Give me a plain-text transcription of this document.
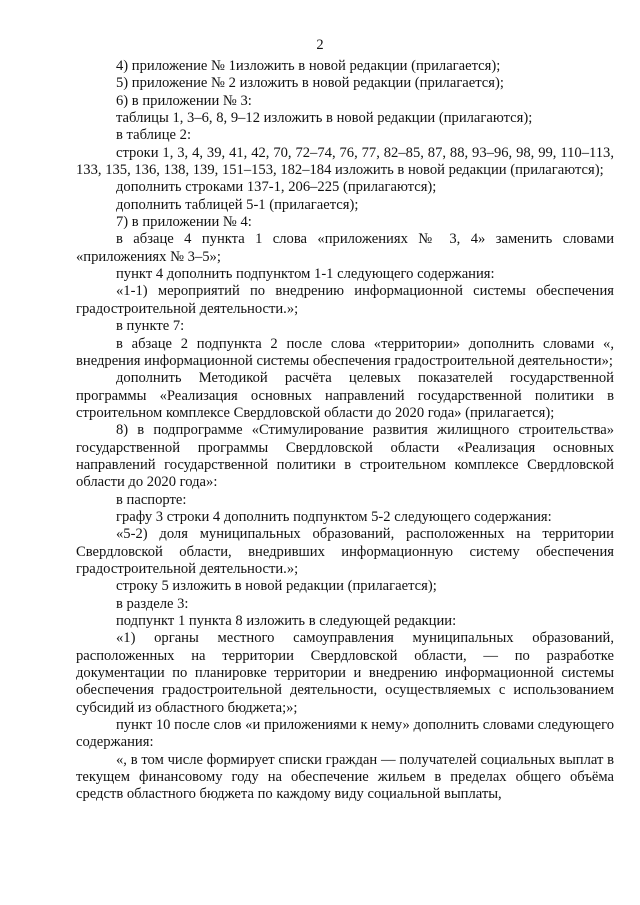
2

4) приложение № 1изложить в новой редакции (прилагается);

5) приложение № 2 изложить в новой редакции (прилагается);

6) в приложении № 3:

таблицы 1, 3–6, 8, 9–12 изложить в новой редакции (прилагаются);

в таблице 2:

строки 1, 3, 4, 39, 41, 42, 70, 72–74, 76, 77, 82–85, 87, 88, 93–96, 98, 99, 110–113, 133, 135, 136, 138, 139, 151–153, 182–184 изложить в новой редакции (прилагаются);

дополнить строками 137-1, 206–225 (прилагаются);

дополнить таблицей 5-1 (прилагается);

7) в приложении № 4:

в абзаце 4 пункта 1 слова «приложениях № 3, 4» заменить словами «приложениях № 3–5»;

пункт 4 дополнить подпунктом 1-1 следующего содержания:

«1-1) мероприятий по внедрению информационной системы обеспечения градостроительной деятельности.»;

в пункте 7:

в абзаце 2 подпункта 2 после слова «территории» дополнить словами «, внедрения информационной системы обеспечения градостроительной деятельности»;

дополнить Методикой расчёта целевых показателей государственной программы «Реализация основных направлений государственной политики в строительном комплексе Свердловской области до 2020 года» (прилагается);

8) в подпрограмме «Стимулирование развития жилищного строительства» государственной программы Свердловской области «Реализация основных направлений государственной политики в строительном комплексе Свердловской области до 2020 года»:

в паспорте:

графу 3 строки 4 дополнить подпунктом 5-2 следующего содержания:

«5-2) доля муниципальных образований, расположенных на территории Свердловской области, внедривших информационную систему обеспечения градостроительной деятельности.»;

строку 5 изложить в новой редакции (прилагается);

в разделе 3:

подпункт 1 пункта 8 изложить в следующей редакции:

«1) органы местного самоуправления муниципальных образований, расположенных на территории Свердловской области, — по разработке документации по планировке территории и внедрению информационной системы обеспечения градостроительной деятельности, осуществляемых с использованием субсидий из областного бюджета;»;

пункт 10 после слов «и приложениями к нему» дополнить словами следующего содержания:

«, в том числе формирует списки граждан — получателей социальных выплат в текущем финансовому году на обеспечение жильем в пределах общего объёма средств областного бюджета по каждому виду социальной выплаты,
